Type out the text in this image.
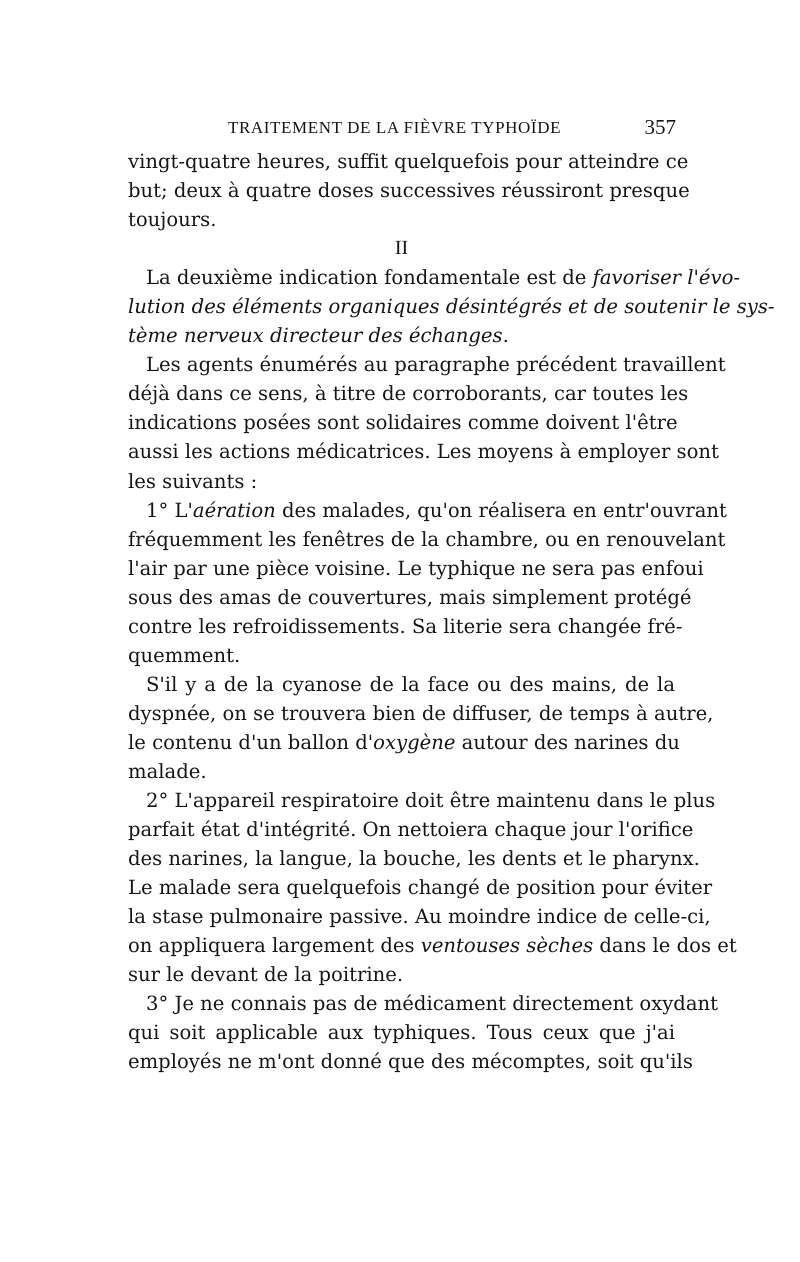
TRAITEMENT DE LA FIÈVRE TYPHOÏDE	357

vingt-quatre heures, suffit quelquefois pour atteindre ce
but; deux à quatre doses successives réussiront presque
toujours.

II

La deuxième indication fondamentale est de favoriser l'évo-
lution des éléments organiques désintégrés et de soutenir le sys-
tème nerveux directeur des échanges.

Les agents énumérés au paragraphe précédent travaillent
déjà dans ce sens, à titre de corroborants, car toutes les
indications posées sont solidaires comme doivent l'être
aussi les actions médicatrices. Les moyens à employer sont
les suivants :

1° L'aération des malades, qu'on réalisera en entr'ouvrant
fréquemment les fenêtres de la chambre, ou en renouvelant
l'air par une pièce voisine. Le typhique ne sera pas enfoui
sous des amas de couvertures, mais simplement protégé
contre les refroidissements. Sa literie sera changée fré-
quemment.

S'il y a de la cyanose de la face ou des mains, de la
dyspnée, on se trouvera bien de diffuser, de temps à autre,
le contenu d'un ballon d'oxygène autour des narines du
malade.

2° L'appareil respiratoire doit être maintenu dans le plus
parfait état d'intégrité. On nettoiera chaque jour l'orifice
des narines, la langue, la bouche, les dents et le pharynx.
Le malade sera quelquefois changé de position pour éviter
la stase pulmonaire passive. Au moindre indice de celle-ci,
on appliquera largement des ventouses sèches dans le dos et
sur le devant de la poitrine.

3° Je ne connais pas de médicament directement oxydant
qui soit applicable aux typhiques. Tous ceux que j'ai
employés ne m'ont donné que des mécomptes, soit qu'ils
